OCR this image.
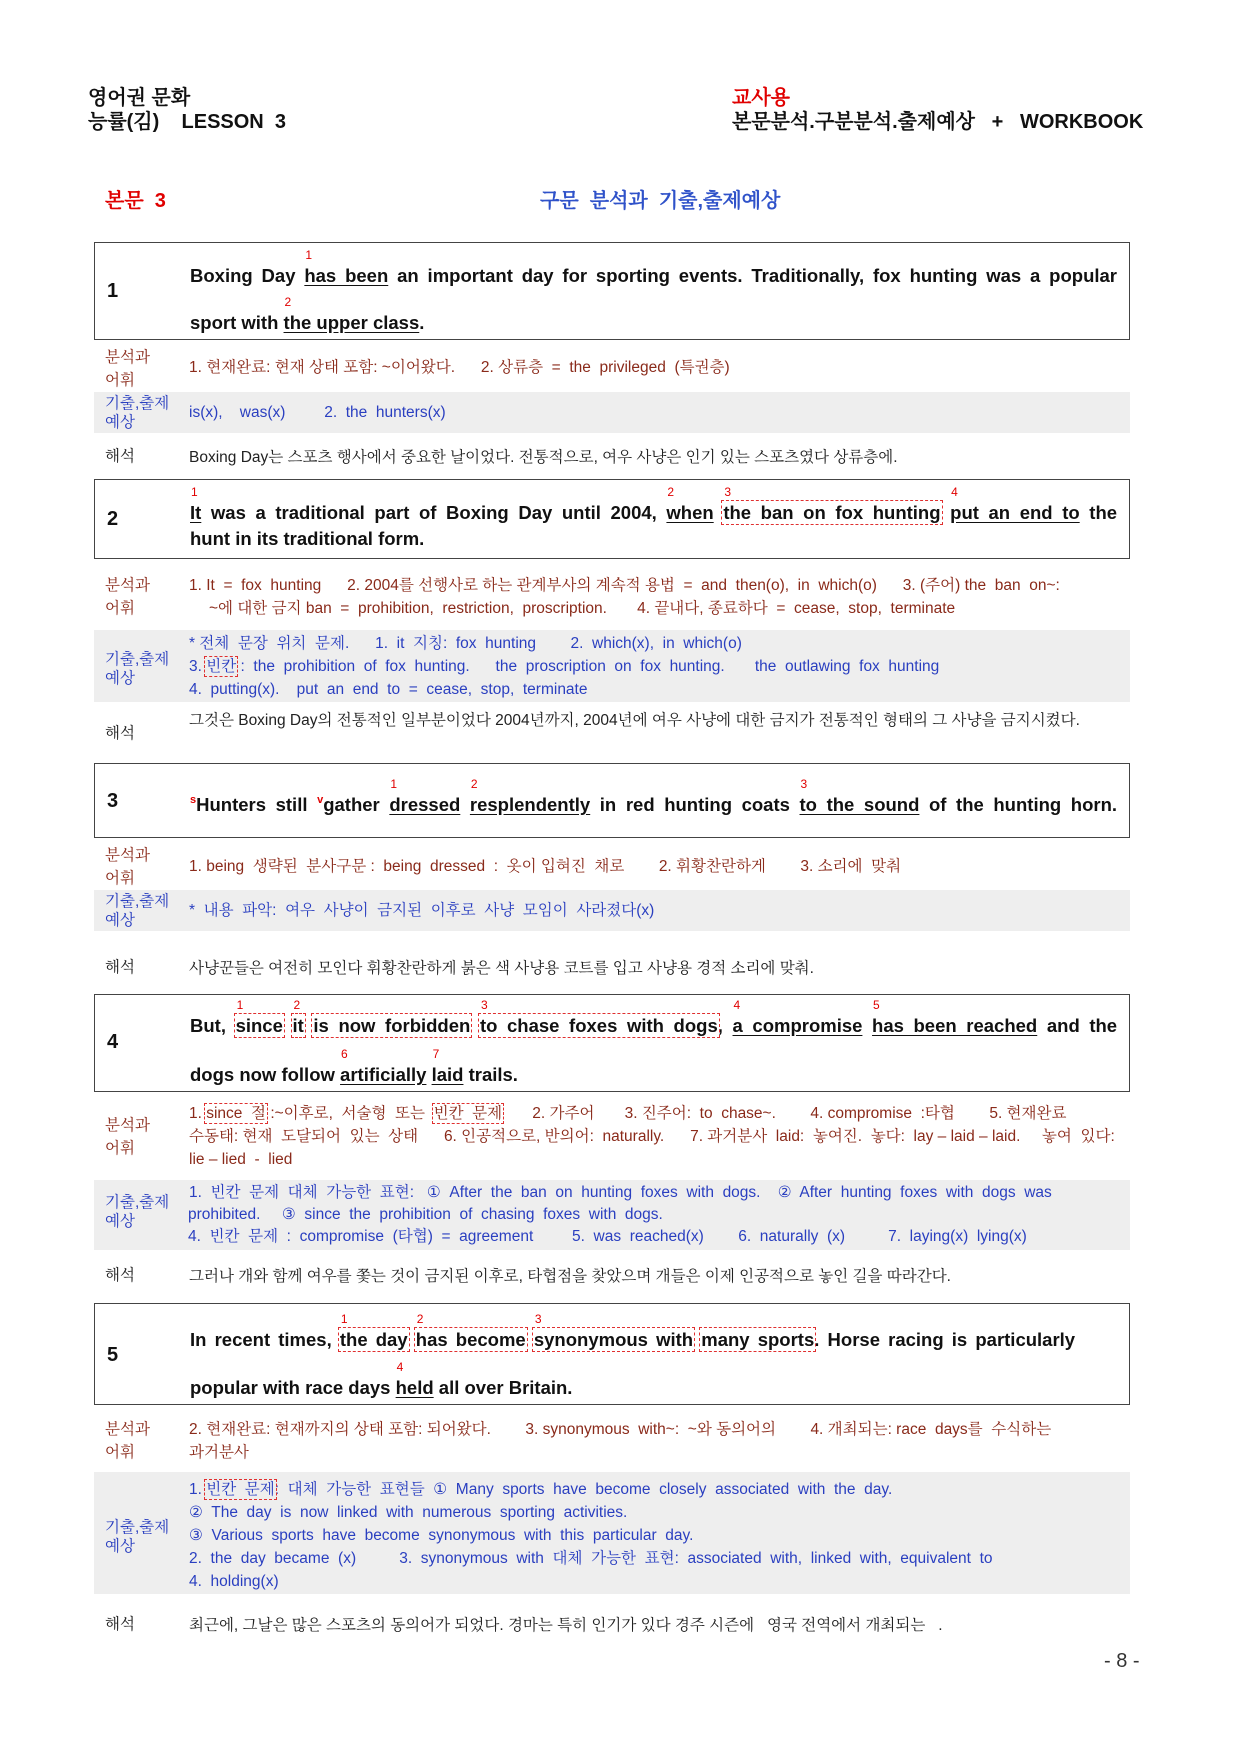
영어권 문화
능률(김)    LESSON  3
교사용
본문분석.구분분석.출제예상   +   WORKBOOK
본문  3	구문  분석과  기출,출제예상
1
Boxing Day 1 has been an important day for sporting events. Traditionally, fox hunting was a popular
sport with 2 the upper class.
분석과 어휘
1. 현재완료: 현재 상태 포함: ~이어왔다.      2. 상류층  =  the  privileged  (특권층)
기출,출제 예상
is(x),    was(x)         2.  the  hunters(x)
해석	Boxing Day는 스포츠 행사에서 중요한 날이었다. 전통적으로, 여우 사냥은 인기 있는 스포츠였다 상류층에.
2	1 It was a traditional part of Boxing Day until 2004, 2 when 3 the ban on fox hunting 4 put an end to the
hunt in its traditional form.
분석과 어휘
1. It  =  fox  hunting      2. 2004를 선행사로 하는 관계부사의 계속적 용법  =  and  then(o),  in  which(o)      3. (주어) the  ban  on~:
~에 대한 금지 ban  =  prohibition,  restriction,  proscription.       4. 끝내다, 종료하다  =  cease,  stop,  terminate
기출,출제 예상
* 전체  문장  위치  문제.      1.  it  지칭:  fox  hunting        2.  which(x),  in  which(o)
3. 빈칸 :  the  prohibition  of  fox  hunting.      the  proscription  on  fox  hunting.       the  outlawing  fox  hunting
4.  putting(x).    put  an  end  to  =  cease,  stop,  terminate
해석
그것은 Boxing Day의 전통적인 일부분이었다 2004년까지, 2004년에 여우 사냥에 대한 금지가 전통적인 형태의 그 사냥을 금지시켰다.
3	$^s$Hunters still $^v$gather 1 dressed 2 resplendently in red hunting coats 3 to the sound of the hunting horn.
분석과 어휘
1. being  생략된  분사구문 :  being  dressed  :  옷이 입혀진  채로        2. 휘황찬란하게        3. 소리에  맞춰
기출,출제 예상
*  내용  파악:  여우  사냥이  금지된  이후로  사냥  모임이  사라졌다(x)
해석	사냥꾼들은 여전히 모인다 휘황찬란하게 붉은 색 사냥용 코트를 입고 사냥용 경적 소리에 맞춰.
4
But, 1 since 2 it is now forbidden 3 to chase foxes with dogs, 4 a compromise 5 has been reached and the
dogs now follow 6 artificially 7 laid trails.
분석과 어휘
1. since  절 :~이후로,  서술형  또는  빈칸  문제       2. 가주어       3. 진주어:  to  chase~.        4. compromise  :타협        5. 현재완료
수동태: 현재  도달되어  있는  상태      6. 인공적으로, 반의어:  naturally.      7. 과거분사  laid:  놓여진.  놓다:  lay – laid – laid.     놓여  있다:
lie – lied  -  lied
기출,출제 예상
1.  빈칸  문제  대체  가능한  표현:   ①  After  the  ban  on  hunting  foxes  with  dogs.    ②  After  hunting  foxes  with  dogs  was
prohibited.     ③  since  the  prohibition  of  chasing  foxes  with  dogs.
4.  빈칸  문제  :  compromise  (타협)  =  agreement         5.  was  reached(x)        6.  naturally  (x)          7.  laying(x)  lying(x)
해석	그러나 개와 함께 여우를 쫓는 것이 금지된 이후로, 타협점을 찾았으며 개들은 이제 인공적으로 놓인 길을 따라간다.
5
In recent times, 1 the day 2 has become 3 synonymous with many sports. Horse racing is particularly
popular with race days 4 held all over Britain.
분석과 어휘
2. 현재완료: 현재까지의 상태 포함: 되어왔다.        3. synonymous  with~:  ~와 동의어의        4. 개최되는: race  days를  수식하는
과거분사
기출,출제 예상
1. 빈칸  문제:  대체  가능한  표현들  ①  Many  sports  have  become  closely  associated  with  the  day.
②  The  day  is  now  linked  with  numerous  sporting  activities.
③  Various  sports  have  become  synonymous  with  this  particular  day.
2.  the  day  became  (x)          3.  synonymous  with  대체  가능한  표현:  associated  with,  linked  with,  equivalent  to
4.  holding(x)
해석	최근에, 그날은 많은 스포츠의 동의어가 되었다. 경마는 특히 인기가 있다 경주 시즌에   영국 전역에서 개최되는   .
- 8 -
